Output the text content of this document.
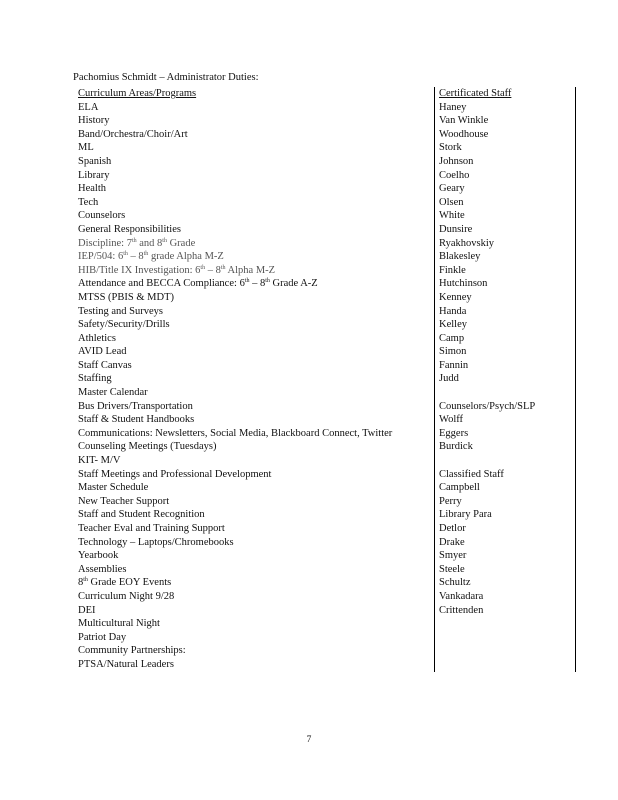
Pachomius Schmidt – Administrator Duties:
Curriculum Areas/Programs
ELA
History
Band/Orchestra/Choir/Art
ML
Spanish
Library
Health
Tech
Counselors
General Responsibilities
Discipline: 7th and 8th Grade
IEP/504: 6th – 8th grade Alpha M-Z
HIB/Title IX Investigation: 6th – 8th Alpha M-Z
Attendance and BECCA Compliance: 6th – 8th Grade A-Z
MTSS (PBIS & MDT)
Testing and Surveys
Safety/Security/Drills
Athletics
AVID Lead
Staff Canvas
Staffing
Master Calendar
Bus Drivers/Transportation
Staff & Student Handbooks
Communications: Newsletters, Social Media, Blackboard Connect, Twitter
Counseling Meetings (Tuesdays)
KIT- M/V
Staff Meetings and Professional Development
Master Schedule
New Teacher Support
Staff and Student Recognition
Teacher Eval and Training Support
Technology – Laptops/Chromebooks
Yearbook
Assemblies
8th Grade EOY Events
Curriculum Night 9/28
DEI
Multicultural Night
Patriot Day
Community Partnerships:
PTSA/Natural Leaders
Certificated Staff
Haney
Van Winkle
Woodhouse
Stork
Johnson
Coelho
Geary
Olsen
White
Dunsire
Ryakhovskiy
Blakesley
Finkle
Hutchinson
Kenney
Handa
Kelley
Camp
Simon
Fannin
Judd
Counselors/Psych/SLP
Wolff
Eggers
Burdick
Classified Staff
Campbell
Perry
Library Para
Detlor
Drake
Smyer
Steele
Schultz
Vankadara
Crittenden
7
